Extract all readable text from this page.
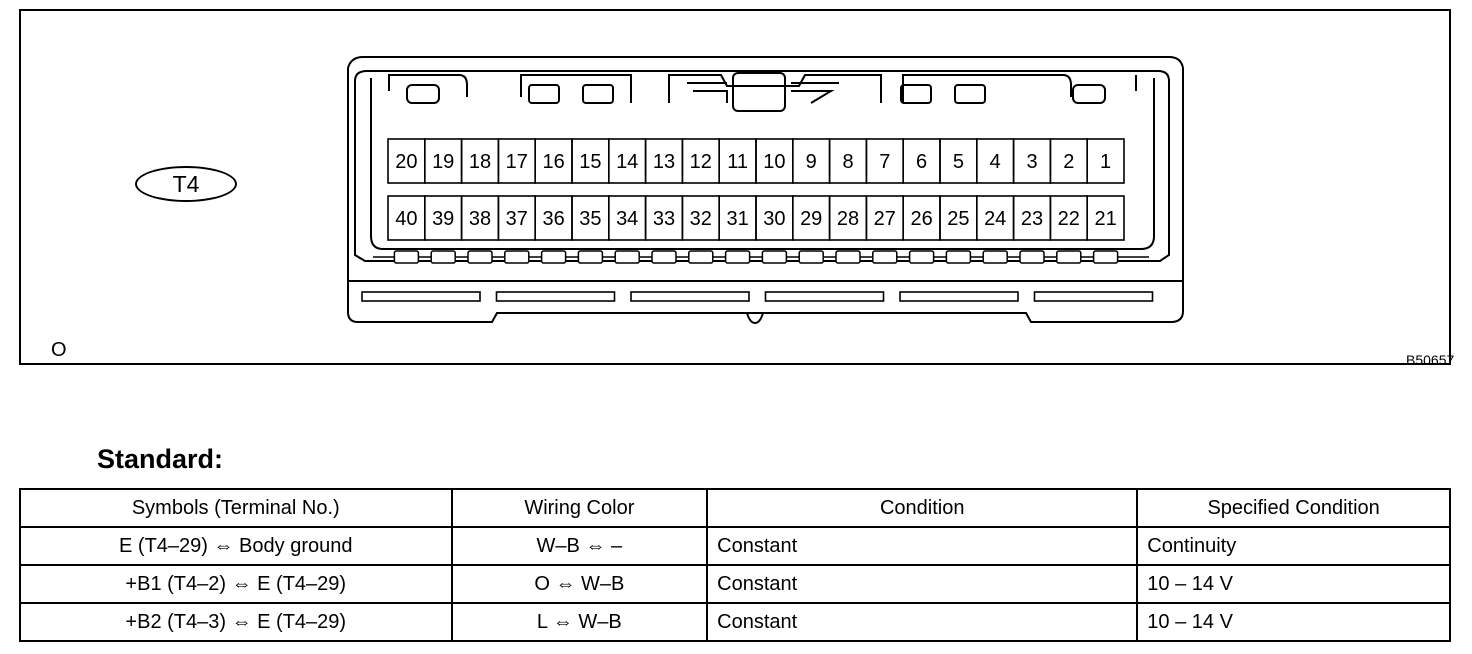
20 19 18 17 16 15 14 13 12 11 10 9 8 7 6 5 4 3 2 1
40 39 38 37 36 35 34 33 32 31 30 29 28 27 26 25 24 23 22 21
T4
O	B50657
Standard:
Symbols (Terminal No.)	Wiring Color	Condition	Specified Condition
E (T4–29) ⇔ Body ground	W–B ⇔ –	Constant	Continuity
+B1 (T4–2) ⇔ E (T4–29)	O ⇔ W–B	Constant	10 – 14 V
+B2 (T4–3) ⇔ E (T4–29)	L ⇔ W–B	Constant	10 – 14 V
